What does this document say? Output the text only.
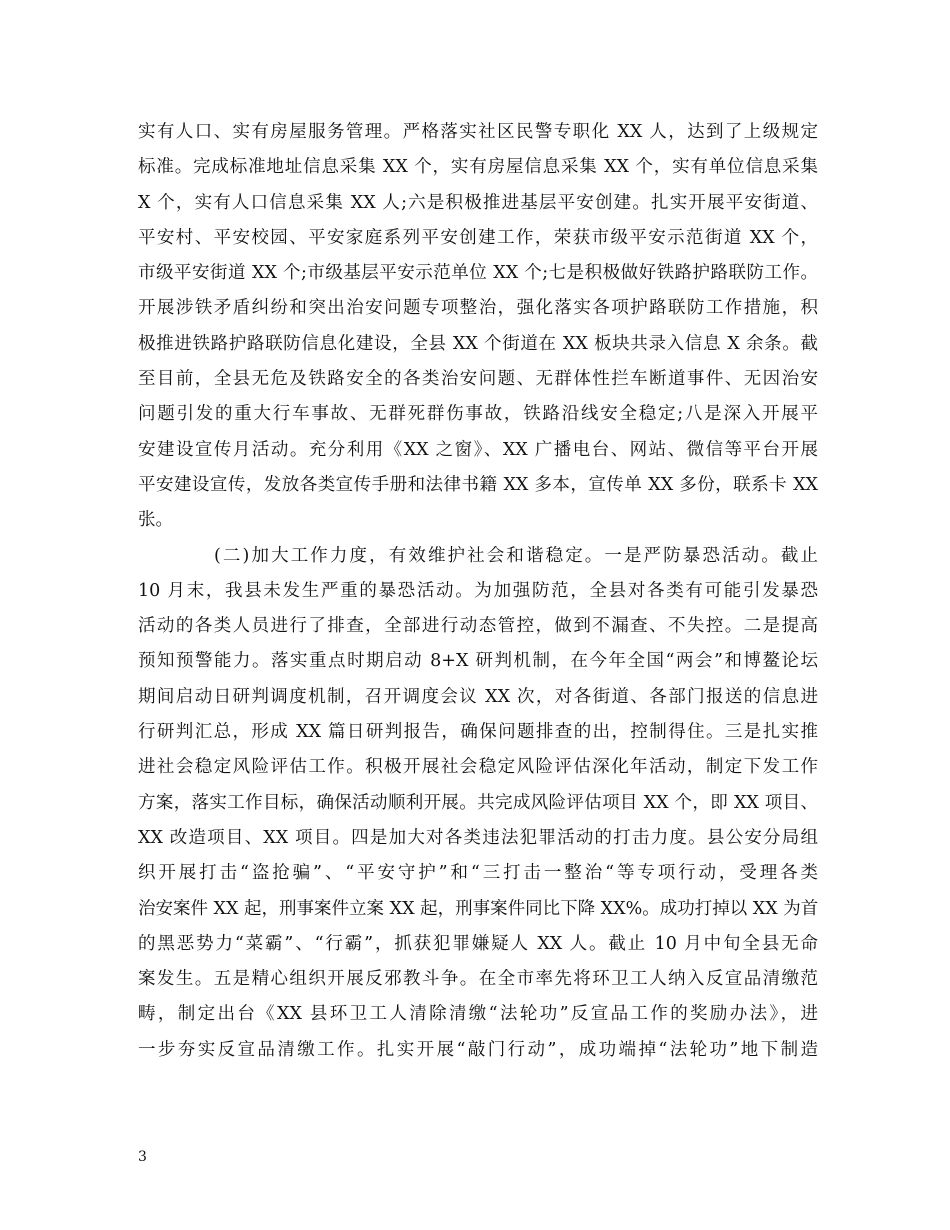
实有人口、实有房屋服务管理。严格落实社区民警专职化 XX 人，达到了上级规定
标准。完成标准地址信息采集 XX 个，实有房屋信息采集 XX 个，实有单位信息采集
X 个，实有人口信息采集 XX 人;六是积极推进基层平安创建。扎实开展平安街道、
平安村、平安校园、平安家庭系列平安创建工作，荣获市级平安示范街道 XX 个，
市级平安街道 XX 个;市级基层平安示范单位 XX 个;七是积极做好铁路护路联防工作。
开展涉铁矛盾纠纷和突出治安问题专项整治，强化落实各项护路联防工作措施，积
极推进铁路护路联防信息化建设，全县 XX 个街道在 XX 板块共录入信息 X 余条。截
至目前，全县无危及铁路安全的各类治安问题、无群体性拦车断道事件、无因治安
问题引发的重大行车事故、无群死群伤事故，铁路沿线安全稳定;八是深入开展平
安建设宣传月活动。充分利用《XX 之窗》、XX 广播电台、网站、微信等平台开展
平安建设宣传，发放各类宣传手册和法律书籍 XX 多本，宣传单 XX 多份，联系卡 XX
张。
(二)加大工作力度，有效维护社会和谐稳定。一是严防暴恐活动。截止
10 月末，我县未发生严重的暴恐活动。为加强防范，全县对各类有可能引发暴恐
活动的各类人员进行了排查，全部进行动态管控，做到不漏查、不失控。二是提高
预知预警能力。落实重点时期启动 8+X 研判机制，在今年全国“两会”和博鳌论坛
期间启动日研判调度机制，召开调度会议 XX 次，对各街道、各部门报送的信息进
行研判汇总，形成 XX 篇日研判报告，确保问题排查的出，控制得住。三是扎实推
进社会稳定风险评估工作。积极开展社会稳定风险评估深化年活动，制定下发工作
方案，落实工作目标，确保活动顺利开展。共完成风险评估项目 XX 个，即 XX 项目、
XX 改造项目、XX 项目。四是加大对各类违法犯罪活动的打击力度。县公安分局组
织开展打击“盗抢骗”、“平安守护”和“三打击一整治“等专项行动，受理各类
治安案件 XX 起，刑事案件立案 XX 起，刑事案件同比下降 XX%。成功打掉以 XX 为首
的黑恶势力“菜霸”、“行霸”，抓获犯罪嫌疑人 XX 人。截止 10 月中旬全县无命
案发生。五是精心组织开展反邪教斗争。在全市率先将环卫工人纳入反宣品清缴范
畴，制定出台《XX 县环卫工人清除清缴“法轮功”反宣品工作的奖励办法》，进
一步夯实反宣品清缴工作。扎实开展“敲门行动”，成功端掉“法轮功”地下制造
3
